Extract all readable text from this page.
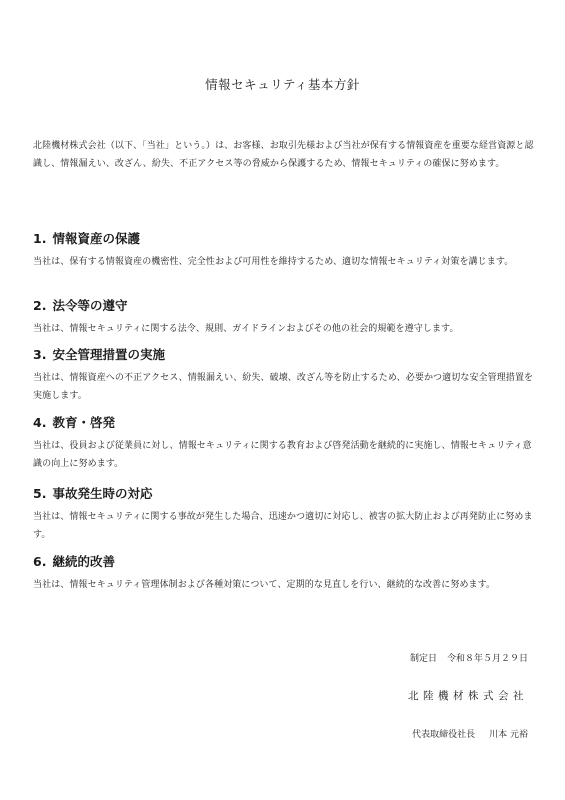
情報セキュリティ基本方針
北陸機材株式会社（以下、「当社」という。）は、お客様、お取引先様および当社が保有する情報資産を重要な経営資源と認識し、情報漏えい、改ざん、紛失、不正アクセス等の脅威から保護するため、情報セキュリティの確保に努めます。
1. 情報資産の保護
当社は、保有する情報資産の機密性、完全性および可用性を維持するため、適切な情報セキュリティ対策を講じます。
2. 法令等の遵守
当社は、情報セキュリティに関する法令、規則、ガイドラインおよびその他の社会的規範を遵守します。
3. 安全管理措置の実施
当社は、情報資産への不正アクセス、情報漏えい、紛失、破壊、改ざん等を防止するため、必要かつ適切な安全管理措置を実施します。
4. 教育・啓発
当社は、役員および従業員に対し、情報セキュリティに関する教育および啓発活動を継続的に実施し、情報セキュリティ意識の向上に努めます。
5. 事故発生時の対応
当社は、情報セキュリティに関する事故が発生した場合、迅速かつ適切に対応し、被害の拡大防止および再発防止に努めます。
6. 継続的改善
当社は、情報セキュリティ管理体制および各種対策について、定期的な見直しを行い、継続的な改善に努めます。
制定日 令和８年５月２９日
北陸機材株式会社
代表取締役社長 川本 元裕
